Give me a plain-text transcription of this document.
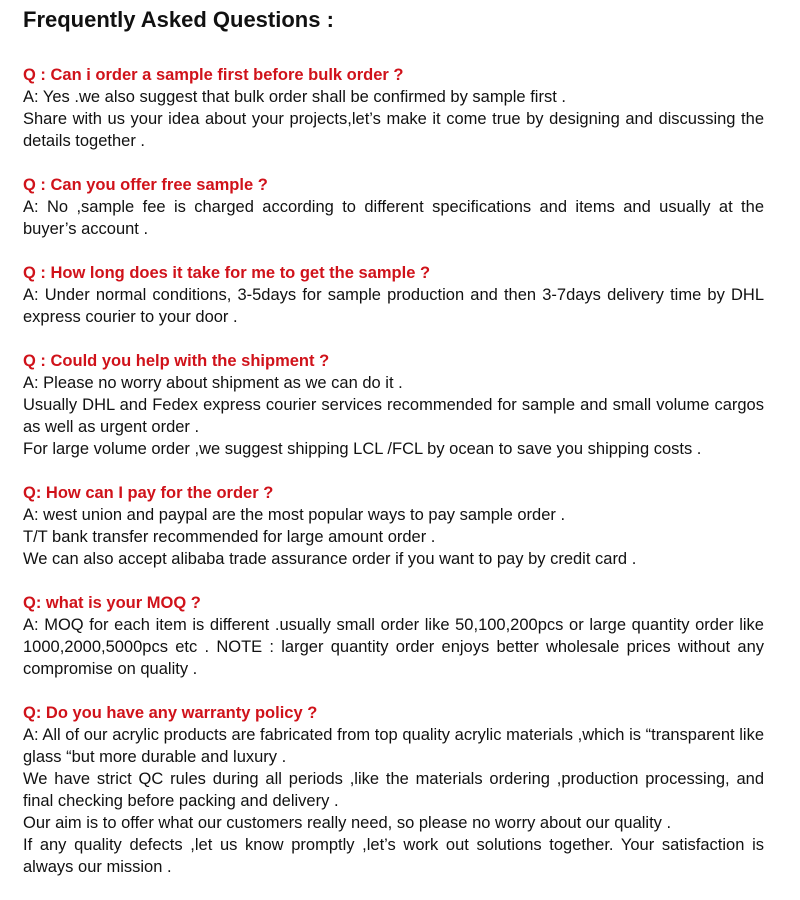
Frequently Asked Questions :
Q : Can i order a sample first before bulk order ?

A: Yes .we also suggest that bulk order shall be confirmed by sample first .

Share with us your idea about your projects,let’s make it come true by designing and discussing the details together .

Q : Can you offer free sample ?

A: No ,sample fee is charged according to different specifications and items and usually at the buyer’s account .

Q : How long does it take for me to get the sample ?

A: Under normal conditions, 3-5days for sample production and then 3-7days delivery time by DHL express courier to your door .

Q : Could you help with the shipment ?

A: Please no worry about shipment as we can do it .

Usually DHL and Fedex express courier services recommended for sample and small volume cargos as well as urgent order .

For large volume order ,we suggest shipping LCL /FCL by ocean to save you shipping costs .

Q: How can I pay for the order ?

A: west union and paypal are the most popular ways to pay sample order .

T/T bank transfer recommended for large amount order .

We can also accept alibaba trade assurance order if you want to pay by credit card .

Q: what is your MOQ ?

A: MOQ for each item is different .usually small order like 50,100,200pcs or large quantity order like 1000,2000,5000pcs etc . NOTE : larger quantity order enjoys better wholesale prices without any compromise on quality .

Q: Do you have any warranty policy ?

A: All of our acrylic products are fabricated from top quality acrylic materials ,which is “transparent like glass “but more durable and luxury .

We have strict QC rules during all periods ,like the materials ordering ,production processing, and final checking before packing and delivery .

Our aim is to offer what our customers really need, so please no worry about our quality .

If any quality defects ,let us know promptly ,let’s work out solutions together. Your satisfaction is always our mission .
